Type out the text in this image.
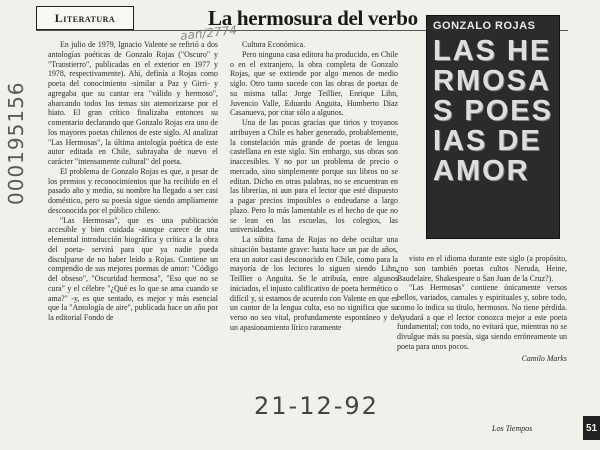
Literatura	La hermosura del verbo
aan/2774
000195156

En julio de 1979, Ignacio Valente se refirió a dos antologías poéticas de Gonzalo Rojas ("Oscuro" y "Transtierro", publicadas en el exterior en 1977 y 1978, respectivamente). Ahí, definía a Rojas como poeta del conocimiento -similar a Paz y Girri- y agregaba que su cantar era "válido y hermoso", abarcando todos los temas sin atemorizarse por el hiato. El gran crítico finalizaba entonces su comentario declarando que Gonzalo Rojas era uno de los mayores poetas chilenos de este siglo. Al analizar "Las Hermosas", la última antología poética de este autor editada en Chile, subrayaba de nuevo el carácter "intensamente cultural" del poeta.

El problema de Gonzalo Rojas es que, a pesar de los premios y reconocimientos que ha recibido en el pasado año y medio, su nombre ha llegado a ser casi doméstico, pero su poesía sigue siendo ampliamente desconocida por el público chileno.

"Las Hermosas", que es una publicación accesible y bien cuidada -aunque carece de una elemental introducción biográfica y crítica a la obra del poeta- servirá para que ya nadie pueda disculparse de no haber leído a Rojas. Contiene un compendio de sus mejores poemas de amor: "Código del obseso", "Oscuridad hermosa", "Eso que no se cura" y el célebre "¿Qué es lo que se ama cuando se ama?" -y, es que sentado, es mejor y más esencial que la "Antología de aire", publicada hace un año por la editorial Fondo de

Cultura Económica.

Pero ninguna casa editora ha producido, en Chile o en el extranjero, la obra completa de Gonzalo Rojas, que se extiende por algo menos de medio siglo. Otro tanto sucede con las obras de poetas de su misma talla: Jorge Teillier, Enrique Lihn, Juvencio Valle, Eduardo Anguita, Humberto Díaz Casanueva, por citar sólo a algunos.

Una de las pocas gracias que tirios y troyanos atribuyen a Chile es haber generado, probablemente, la constelación más grande de poetas de lengua castellana en este siglo. Sin embargo, sus obras son inaccesibles. Y no por un problema de precio o mercado, sino simplemente porque sus libros no se editan. Dicho en otras palabras, no se encuentran en las librerías, ni aun para el lector que esté dispuesto a pagar precios imposibles o endeudarse a largo plazo. Pero lo más lamentable es el hecho de que no se lean en las escuelas, los colegios, las universidades.

La súbita fama de Rojas no debe ocultar una situación bastante grave: hasta hace un par de años, era un autor casi desconocido en Chile, como para la mayoría de los lectores lo siguen siendo Lihn, Teillier o Anguita. Se le atribuía, entre algunos iniciados, el injusto calificativo de poeta hermético o difícil y, si estamos de acuerdo con Valente en que es un cantor de la lengua culta, eso no significa que su verso no sea vital, profundamente espontáneo y de un apasionamiento lírico raramente

GONZALO ROJAS
LAS HERMOSAS POESIAS DE AMOR

visto en el idioma durante este siglo (a propósito, ¿no son también poetas cultos Neruda, Heine, Baudelaire, Shakespeare o San Juan de la Cruz?).

"Las Hermosas" contiene únicamente versos bellos, variados, carnales y espirituales y, sobre todo, como lo indica su título, hermosos. No tiene pérdida. Ayudará a que el lector conozca mejor a este poeta fundamental; con todo, no evitará que, mientras no se divulgue más su poesía, siga siendo erróneamente un poeta para unos pocos.

Camilo Marks

21-12-92
Los Tiempos	51
